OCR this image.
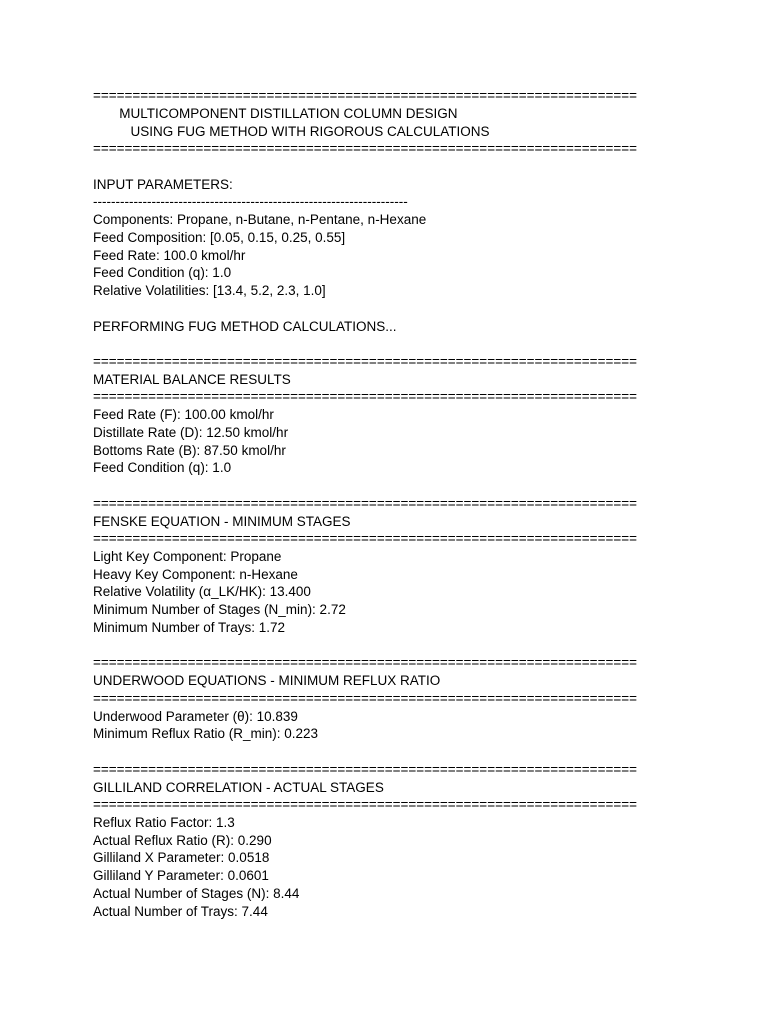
=====================================================================
MULTICOMPONENT DISTILLATION COLUMN DESIGN
USING FUG METHOD WITH RIGOROUS CALCULATIONS
=====================================================================
INPUT PARAMETERS:
----------------------------------------------------------------------
Components: Propane, n-Butane, n-Pentane, n-Hexane
Feed Composition: [0.05, 0.15, 0.25, 0.55]
Feed Rate: 100.0 kmol/hr
Feed Condition (q): 1.0
Relative Volatilities: [13.4, 5.2, 2.3, 1.0]
PERFORMING FUG METHOD CALCULATIONS...
=====================================================================
MATERIAL BALANCE RESULTS
=====================================================================
Feed Rate (F): 100.00 kmol/hr
Distillate Rate (D): 12.50 kmol/hr
Bottoms Rate (B): 87.50 kmol/hr
Feed Condition (q): 1.0
=====================================================================
FENSKE EQUATION - MINIMUM STAGES
=====================================================================
Light Key Component: Propane
Heavy Key Component: n-Hexane
Relative Volatility (α_LK/HK): 13.400
Minimum Number of Stages (N_min): 2.72
Minimum Number of Trays: 1.72
=====================================================================
UNDERWOOD EQUATIONS - MINIMUM REFLUX RATIO
=====================================================================
Underwood Parameter (θ): 10.839
Minimum Reflux Ratio (R_min): 0.223
=====================================================================
GILLILAND CORRELATION - ACTUAL STAGES
=====================================================================
Reflux Ratio Factor: 1.3
Actual Reflux Ratio (R): 0.290
Gilliland X Parameter: 0.0518
Gilliland Y Parameter: 0.0601
Actual Number of Stages (N): 8.44
Actual Number of Trays: 7.44
